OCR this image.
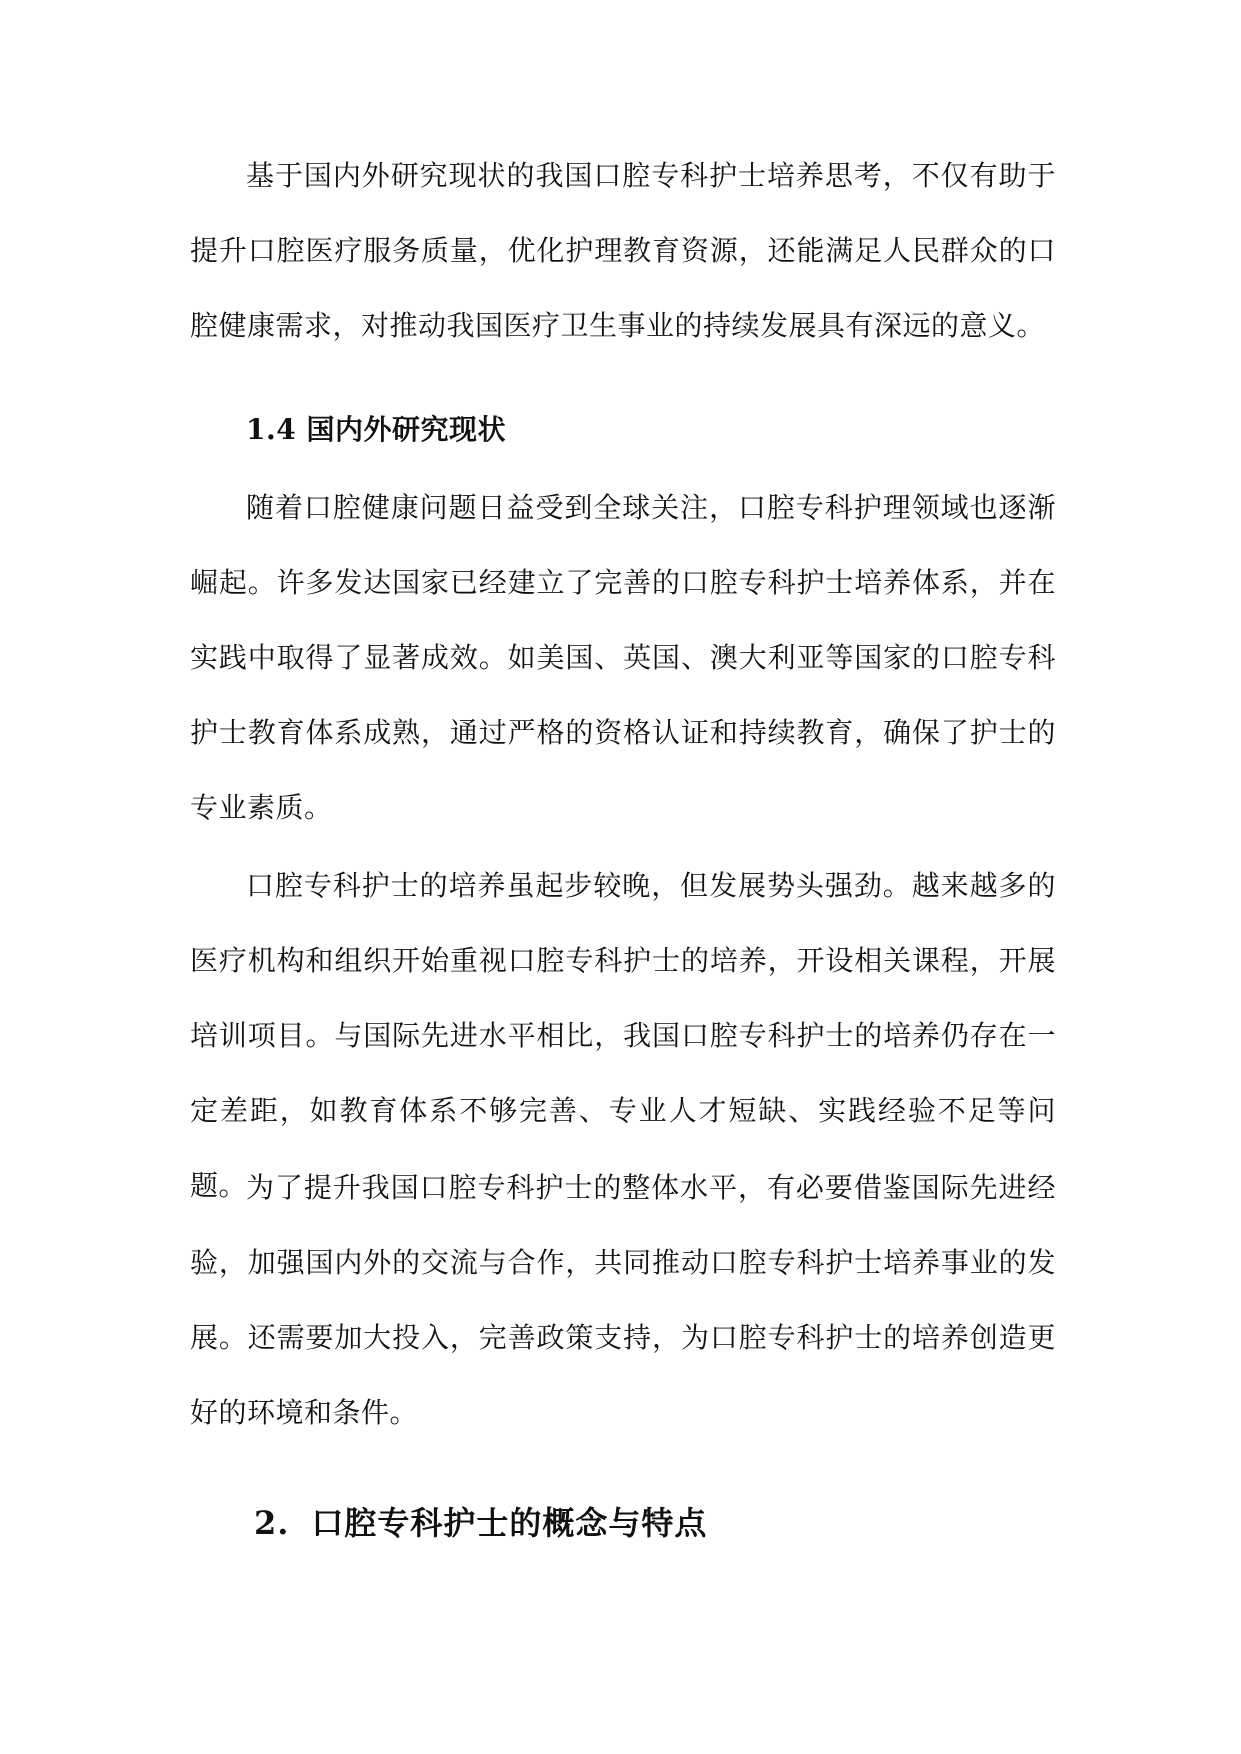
基于国内外研究现状的我国口腔专科护士培养思考，不仅有助于提升口腔医疗服务质量，优化护理教育资源，还能满足人民群众的口腔健康需求，对推动我国医疗卫生事业的持续发展具有深远的意义。

1.4 国内外研究现状

随着口腔健康问题日益受到全球关注，口腔专科护理领域也逐渐崛起。许多发达国家已经建立了完善的口腔专科护士培养体系，并在实践中取得了显著成效。如美国、英国、澳大利亚等国家的口腔专科护士教育体系成熟，通过严格的资格认证和持续教育，确保了护士的专业素质。

口腔专科护士的培养虽起步较晚，但发展势头强劲。越来越多的医疗机构和组织开始重视口腔专科护士的培养，开设相关课程，开展培训项目。与国际先进水平相比，我国口腔专科护士的培养仍存在一定差距，如教育体系不够完善、专业人才短缺、实践经验不足等问题。

为了提升我国口腔专科护士的整体水平，有必要借鉴国际先进经验，加强国内外的交流与合作，共同推动口腔专科护士培养事业的发展。还需要加大投入，完善政策支持，为口腔专科护士的培养创造更好的环境和条件。

2. 口腔专科护士的概念与特点
